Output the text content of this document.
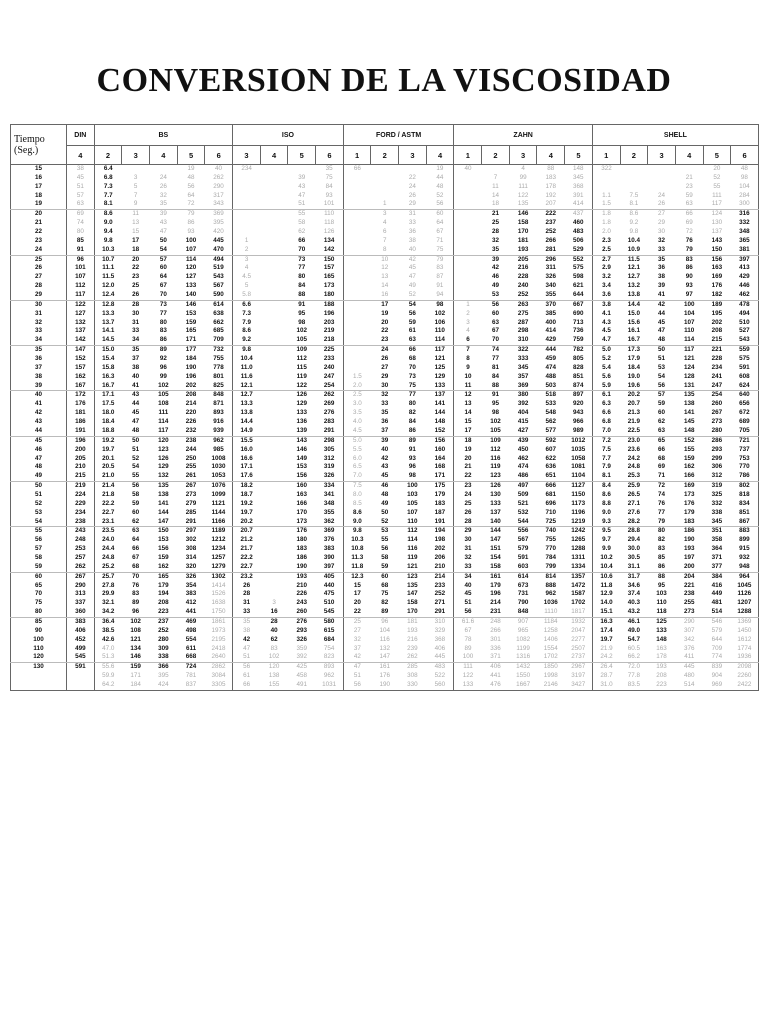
CONVERSION DE LA VISCOSIDAD
Tiempo
(Seg.)	DIN	BS					ISO				FORD / ASTM				ZAHN					SHELL						
	4	2	3	4	5	6	3	4	5	6	1	2	3	4	1	2	3	4	5	1	2	3	4	5	6	
15	38	6.4			19	40	234			35	66			19	40		4	88	148	322				20	48		
16	45	6.8	3	24	48	262			39	75			22	44		7	99	183	345				21	52	98	
17	51	7.3	5	26	56	290			43	84			24	48		11	111	178	368				23	55	104	
18	57	7.7	7	32	64	317			47	93			26	52		14	122	192	391	1.1	7.5	24	59	111	284	
19	63	8.1	9	35	72	343			51	101		1	29	56		18	135	207	414	1.5	8.1	26	63	117	300	
20	69	8.6	11	39	79	369			55	110		3	31	60		21	146	222	437	1.8	8.6	27	66	124	316	
21	74	9.0	13	43	86	395			58	118		4	33	64		25	158	237	460	1.8	9.2	29	69	130	332	
22	80	9.4	15	47	93	420			62	126		6	36	67		28	170	252	483	2.0	9.8	30	72	137	348	
23	85	9.8	17	50	100	445	1		66	134		7	38	71		32	181	266	506	2.3	10.4	32	76	143	365	
24	91	10.3	18	54	107	470	2		70	142		8	40	75		35	193	281	529	2.5	10.9	33	79	150	381	
25	96	10.7	20	57	114	494	3		73	150		10	42	79		39	205	296	552	2.7	11.5	35	83	156	397	
26	101	11.1	22	60	120	519	4		77	157		12	45	83		42	216	311	575	2.9	12.1	36	86	163	413	
27	107	11.5	23	64	127	543	4.5		80	165		13	47	87		46	228	326	598	3.2	12.7	38	90	169	429	
28	112	12.0	25	67	133	567	5		84	173		14	49	91		49	240	340	621	3.4	13.2	39	93	176	446	
29	117	12.4	26	70	140	590	5.8		88	180		16	52	94		53	252	355	644	3.6	13.8	41	97	182	462	
30	122	12.8	28	73	146	614	6.6		91	188		17	54	98	1	56	263	370	667	3.8	14.4	42	100	189	478	
31	127	13.3	30	77	153	638	7.3		95	196		19	56	102	2	60	275	385	690	4.1	15.0	44	104	195	494	
32	132	13.7	31	80	159	662	7.9		98	203		20	59	106	3	63	287	400	713	4.3	15.6	45	107	202	510	
33	137	14.1	33	83	165	685	8.6		102	219		22	61	110	4	67	298	414	736	4.5	16.1	47	110	208	527	
34	142	14.5	34	86	171	709	9.2		105	218		23	63	114	6	70	310	429	759	4.7	16.7	48	114	215	543	
35	147	15.0	35	89	177	732	9.8		109	225		24	66	117	7	74	322	444	782	5.0	17.3	50	117	221	559	
36	152	15.4	37	92	184	755	10.4		112	233		26	68	121	8	77	333	459	805	5.2	17.9	51	121	228	575	
37	157	15.8	38	96	190	778	11.0		115	240		27	70	125	9	81	345	474	828	5.4	18.4	53	124	234	591	
38	162	16.3	40	99	196	801	11.6		119	247	1.5	29	73	129	10	84	357	488	851	5.6	19.0	54	128	241	608	
39	167	16.7	41	102	202	825	12.1		122	254	2.0	30	75	133	11	88	369	503	874	5.9	19.6	56	131	247	624	
40	172	17.1	43	105	208	848	12.7		126	262	2.5	32	77	137	12	91	380	518	897	6.1	20.2	57	135	254	640	
41	176	17.5	44	108	214	871	13.3		129	269	3.0	33	80	141	13	95	392	533	920	6.3	20.7	59	138	260	656	
42	181	18.0	45	111	220	893	13.8		133	276	3.5	35	82	144	14	98	404	548	943	6.6	21.3	60	141	267	672	
43	186	18.4	47	114	226	916	14.4		136	283	4.0	36	84	148	15	102	415	562	966	6.8	21.9	62	145	273	689	
44	191	18.8	48	117	232	939	14.9		139	291	4.5	37	86	152	17	105	427	577	989	7.0	22.5	63	148	280	705	
45	196	19.2	50	120	238	962	15.5		143	298	5.0	39	89	156	18	109	439	592	1012	7.2	23.0	65	152	286	721	
46	200	19.7	51	123	244	985	16.0		146	305	5.5	40	91	160	19	112	450	607	1035	7.5	23.6	66	155	293	737	
47	205	20.1	52	126	250	1008	16.6		149	312	6.0	42	93	164	20	116	462	622	1058	7.7	24.2	68	159	299	753	
48	210	20.5	54	129	255	1030	17.1		153	319	6.5	43	96	168	21	119	474	636	1081	7.9	24.8	69	162	306	770	
49	215	21.0	55	132	261	1053	17.6		156	326	7.0	45	98	171	22	123	486	651	1104	8.1	25.3	71	166	312	786	
50	219	21.4	56	135	267	1076	18.2		160	334	7.5	46	100	175	23	126	497	666	1127	8.4	25.9	72	169	319	802	
51	224	21.8	58	138	273	1099	18.7		163	341	8.0	48	103	179	24	130	509	681	1150	8.6	26.5	74	173	325	818	
52	229	22.2	59	141	279	1121	19.2		166	348	8.5	49	105	183	25	133	521	696	1173	8.8	27.1	76	176	332	834	
53	234	22.7	60	144	285	1144	19.7		170	355	8.6	50	107	187	26	137	532	710	1196	9.0	27.6	77	179	338	851	
54	238	23.1	62	147	291	1166	20.2		173	362	9.0	52	110	191	28	140	544	725	1219	9.3	28.2	79	183	345	867	
55	243	23.5	63	150	297	1189	20.7		176	369	9.8	53	112	194	29	144	556	740	1242	9.5	28.8	80	186	351	883	
56	248	24.0	64	153	302	1212	21.2		180	376	10.3	55	114	198	30	147	567	755	1265	9.7	29.4	82	190	358	899	
57	253	24.4	66	156	308	1234	21.7		183	383	10.8	56	116	202	31	151	579	770	1288	9.9	30.0	83	193	364	915	
58	257	24.8	67	159	314	1257	22.2		186	390	11.3	58	119	206	32	154	591	784	1311	10.2	30.5	85	197	371	932	
59	262	25.2	68	162	320	1279	22.7		190	397	11.8	59	121	210	33	158	603	799	1334	10.4	31.1	86	200	377	948	
60	267	25.7	70	165	326	1302	23.2		193	405	12.3	60	123	214	34	161	614	814	1357	10.6	31.7	88	204	384	964	
65	290	27.8	76	179	354	1414	26		210	440	15	68	135	233	40	179	673	888	1472	11.8	34.6	95	221	416	1045	
70	313	29.9	83	194	383	1526	28		226	475	17	75	147	252	45	196	731	962	1587	12.9	37.4	103	238	449	1126	
75	337	32.1	89	208	412	1638	31	3	243	510	20	82	158	271	51	214	790	1036	1702	14.0	40.3	110	255	481	1207	
80	360	34.2	96	223	441	1750	33	16	260	545	22	89	170	291	56	231	848	1110	1817	15.1	43.2	118	273	514	1288	
85	383	36.4	102	237	469	1861	35	28	276	580	25	96	181	310	61.6	248	907	1184	1932	16.3	46.1	125	290	546	1369	
90	406	38.5	108	252	498	1973	38	40	293	615	27	104	193	329	67	266	965	1258	2047	17.4	49.0	133	307	579	1450	
100	452	42.6	121	280	554	2195	42	62	326	684	32	116	216	368	78	301	1082	1406	2277	19.7	54.7	148	342	644	1612	
110	499	47.0	134	309	611	2418	47	83	359	754	37	132	239	406	89	336	1199	1554	2507	21.9	60.5	163	376	709	1774	
120	545	51.3	146	338	668	2640	51	102	392	823	42	147	262	445	100	371	1316	1702	2737	24.2	66.2	178	411	774	1936	
130	591	55.6	159	366	724	2862	56	120	425	893	47	161	285	483	111	406	1432	1850	2967	26.4	72.0	193	445	839	2098	
		59.9	171	395	781	3084	61	138	458	962	51	176	308	522	122	441	1550	1998	3197	28.7	77.8	208	480	904	2260	
		64.2	184	424	837	3305	66	155	491	1031	56	190	330	560	133	476	1667	2146	3427	31.0	83.5	223	514	969	2422	
